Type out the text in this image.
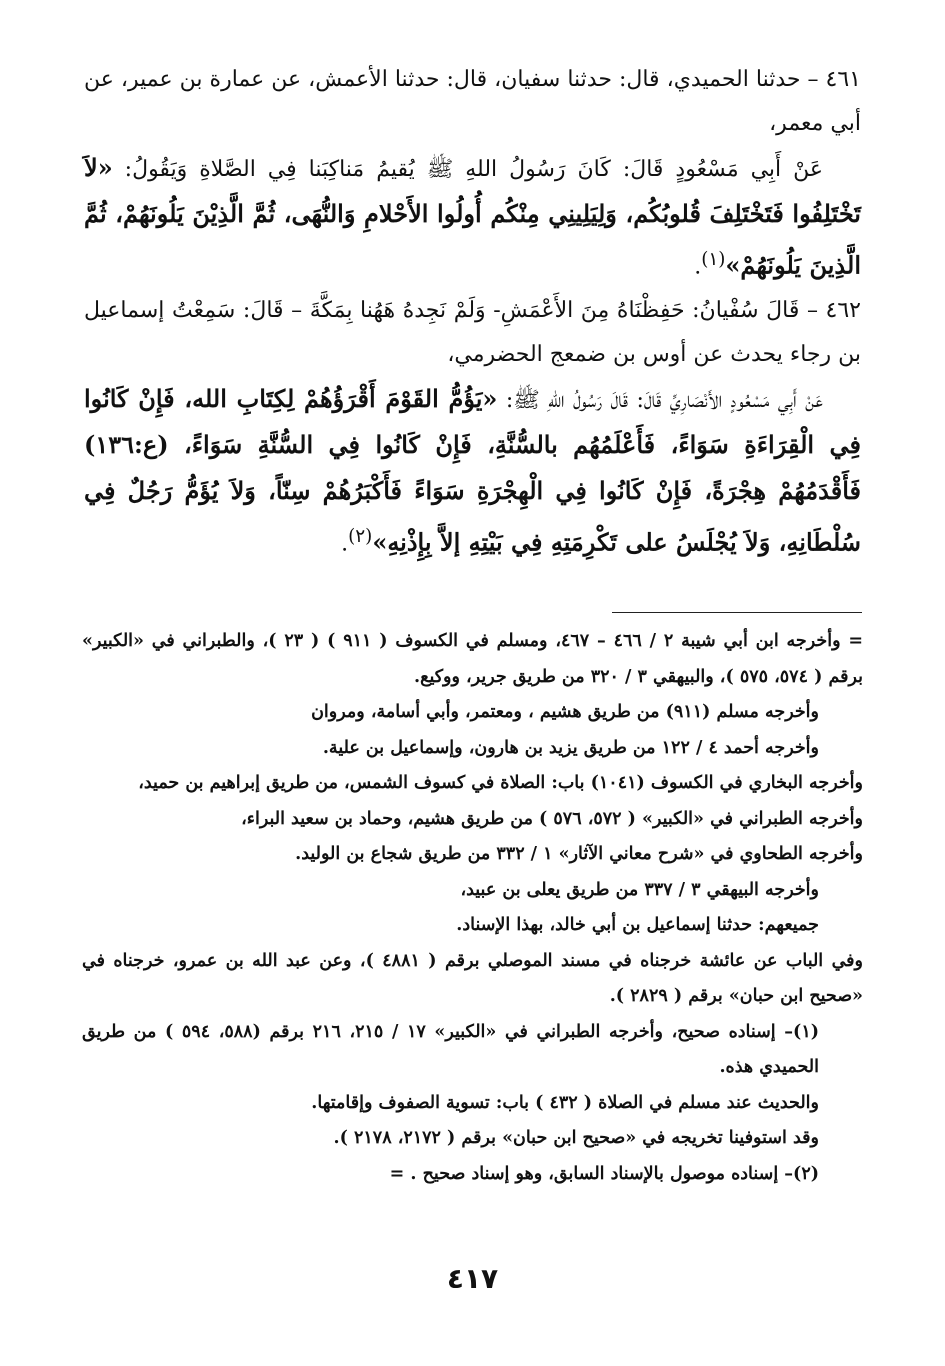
٤٦١ – حدثنا الحميدي، قال: حدثنا سفيان، قال: حدثنا الأعمش، عن عمارة بن عمير، عن أبي معمر،

عَنْ أَبِي مَسْعُودٍ قَالَ: كَانَ رَسُولُ اللهِ ﷺ يُقيمُ مَناكِبَنا فِي الصَّلاةِ وَيَقُولُ: «لاَ تَخْتَلِفُوا فَتَخْتَلِفَ قُلوبُكُم، وَلِيَلِينِي مِنْكُم أُولُوا الأَحْلامِ وَالنُّهَى، ثُمَّ الَّذِيْنَ يَلُونَهُمْ، ثُمَّ الَّذِينَ يَلُونَهُمْ»$^{(١)}$.

٤٦٢ – قَالَ سُفْيانُ: حَفِظْنَاهُ مِنَ الأَعْمَشِ- وَلَمْ نَجِدهُ هَهُنا بِمَكَّةَ – قَالَ: سَمِعْتُ إسماعيل بن رجاء يحدث عن أوس بن ضمعج الحضرمي،

عَنْ أَبِي مَسْعُودٍ الأَنْصَارِيِّ قَالَ: قَالَ رَسُولُ اللهِ ﷺ: «يَؤُمُّ القَوْمَ أَقْرَؤُهُمْ لِكِتَابِ الله، فَإِنْ كَانُوا فِي الْقِرَاءَةِ سَوَاءً، فَأَعْلَمُهُم بالسُّنَّةِ، فَإِنْ كَانُوا فِي السُّنَّةِ سَوَاءً، (ع:١٣٦) فَأَقْدَمُهُمْ هِجْرَةً، فَإِنْ كَانُوا فِي الْهِجْرَةِ سَوَاءً فَأَكْبَرُهُمْ سِنّاً، وَلاَ يُؤَمُّ رَجُلٌ فِي سُلْطَانِهِ، وَلاَ يُجْلَسُ على تَكْرِمَتِهِ فِي بَيْتِهِ إلاَّ بِإِذْنِهِ»$^{(٢)}$.

= وأخرجه ابن أبي شيبة ٢ / ٤٦٦ – ٤٦٧، ومسلم في الكسوف ( ٩١١ ) ( ٢٣ )، والطبراني في «الكبير» برقم ( ٥٧٤، ٥٧٥ )، والبيهقي ٣ / ٣٢٠ من طريق جرير، ووكيع.

وأخرجه مسلم (٩١١) من طريق هشيم ، ومعتمر، وأبي أسامة، ومروان

وأخرجه أحمد ٤ / ١٢٢ من طريق يزيد بن هارون، وإسماعيل بن علية.

وأخرجه البخاري في الكسوف (١٠٤١) باب: الصلاة في كسوف الشمس، من طريق إبراهيم بن حميد،

وأخرجه الطبراني في «الكبير» ( ٥٧٢، ٥٧٦ ) من طريق هشيم، وحماد بن سعيد البراء،

وأخرجه الطحاوي في «شرح معاني الآثار» ١ / ٣٣٢ من طريق شجاع بن الوليد.

وأخرجه البيهقي ٣ / ٣٣٧ من طريق يعلى بن عبيد،

جميعهم: حدثنا إسماعيل بن أبي خالد، بهذا الإسناد.

وفي الباب عن عائشة خرجناه في مسند الموصلي برقم ( ٤٨٨١ )، وعن عبد الله بن عمرو، خرجناه في «صحيح ابن حبان» برقم ( ٢٨٢٩ ).

(١)– إسناده صحيح، وأخرجه الطبراني في «الكبير» ١٧ / ٢١٥، ٢١٦ برقم (٥٨٨، ٥٩٤ ) من طريق الحميدي هذه.

والحديث عند مسلم في الصلاة ( ٤٣٢ ) باب: تسوية الصفوف وإقامتها.

وقد استوفينا تخريجه في «صحيح ابن حبان» برقم ( ٢١٧٢، ٢١٧٨ ).

(٢)– إسناده موصول بالإسناد السابق، وهو إسناد صحيح . =

٤١٧
